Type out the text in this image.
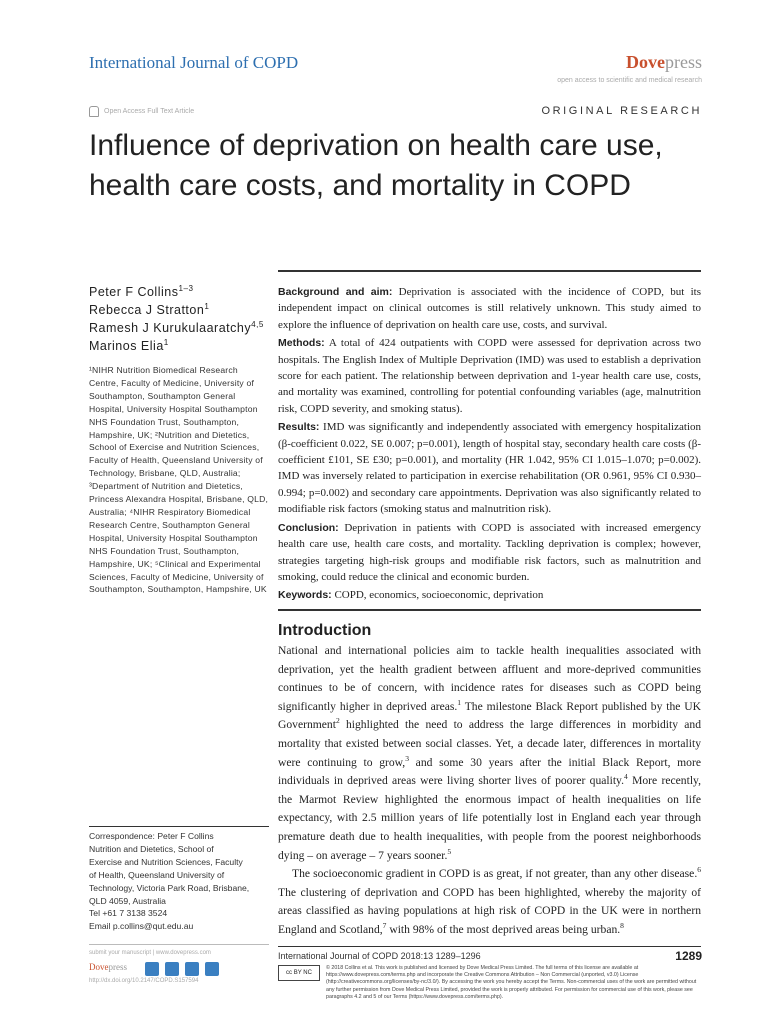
International Journal of COPD	Dovepress
open access to scientific and medical research
Open Access Full Text Article	ORIGINAL RESEARCH
Influence of deprivation on health care use, health care costs, and mortality in COPD
Peter F Collins$^{1-3}$
Rebecca J Stratton$^1$
Ramesh J Kurukulaaratchy$^{4,5}$
Marinos Elia$^1$
¹NIHR Nutrition Biomedical Research Centre, Faculty of Medicine, University of Southampton, Southampton General Hospital, University Hospital Southampton NHS Foundation Trust, Southampton, Hampshire, UK; ²Nutrition and Dietetics, School of Exercise and Nutrition Sciences, Faculty of Health, Queensland University of Technology, Brisbane, QLD, Australia; ³Department of Nutrition and Dietetics, Princess Alexandra Hospital, Brisbane, QLD, Australia; ⁴NIHR Respiratory Biomedical Research Centre, Southampton General Hospital, University Hospital Southampton NHS Foundation Trust, Southampton, Hampshire, UK; ⁵Clinical and Experimental Sciences, Faculty of Medicine, University of Southampton, Southampton, Hampshire, UK
Correspondence: Peter F Collins
Nutrition and Dietetics, School of
Exercise and Nutrition Sciences, Faculty
of Health, Queensland University of
Technology, Victoria Park Road, Brisbane,
QLD 4059, Australia
Tel +61 7 3138 3524
Email p.collins@qut.edu.au

Background and aim: Deprivation is associated with the incidence of COPD, but its independent impact on clinical outcomes is still relatively unknown. This study aimed to explore the influence of deprivation on health care use, costs, and survival.

Methods: A total of 424 outpatients with COPD were assessed for deprivation across two hospitals. The English Index of Multiple Deprivation (IMD) was used to establish a deprivation score for each patient. The relationship between deprivation and 1-year health care use, costs, and mortality was examined, controlling for potential confounding variables (age, malnutrition risk, COPD severity, and smoking status).

Results: IMD was significantly and independently associated with emergency hospitalization (β-coefficient 0.022, SE 0.007; p=0.001), length of hospital stay, secondary health care costs (β-coefficient £101, SE £30; p=0.001), and mortality (HR 1.042, 95% CI 1.015–1.070; p=0.002). IMD was inversely related to participation in exercise rehabilitation (OR 0.961, 95% CI 0.930–0.994; p=0.002) and secondary care appointments. Deprivation was also significantly related to modifiable risk factors (smoking status and malnutrition risk).

Conclusion: Deprivation in patients with COPD is associated with increased emergency health care use, health care costs, and mortality. Tackling deprivation is complex; however, strategies targeting high-risk groups and modifiable risk factors, such as malnutrition and smoking, could reduce the clinical and economic burden.

Keywords: COPD, economics, socioeconomic, deprivation

Introduction

National and international policies aim to tackle health inequalities associated with deprivation, yet the health gradient between affluent and more-deprived communities continues to be of concern, with incidence rates for diseases such as COPD being significantly higher in deprived areas.$^1$ The milestone Black Report published by the UK Government$^2$ highlighted the need to address the large differences in morbidity and mortality that existed between social classes. Yet, a decade later, differences in mortality were continuing to grow,$^3$ and some 30 years after the initial Black Report, more individuals in deprived areas were living shorter lives of poorer quality.$^4$ More recently, the Marmot Review highlighted the enormous impact of health inequalities on life expectancy, with 2.5 million years of life potentially lost in England each year through premature death due to health inequalities, with people from the poorest neighborhoods dying – on average – 7 years sooner.$^5$

The socioeconomic gradient in COPD is as great, if not greater, than any other disease.$^6$ The clustering of deprivation and COPD has been highlighted, whereby the majority of areas classified as having populations at high risk of COPD in the UK were in northern England and Scotland,$^7$ with 98% of the most deprived areas being urban.$^8$

submit your manuscript | www.dovepress.com
Dovepress
http://dx.doi.org/10.2147/COPD.S157594
International Journal of COPD 2018:13 1289–1296	1289
cc BY NC
© 2018 Collins et al. This work is published and licensed by Dove Medical Press Limited. The full terms of this license are available at https://www.dovepress.com/terms.php and incorporate the Creative Commons Attribution – Non Commercial (unported, v3.0) License (http://creativecommons.org/licenses/by-nc/3.0/). By accessing the work you hereby accept the Terms. Non-commercial uses of the work are permitted without any further permission from Dove Medical Press Limited, provided the work is properly attributed. For permission for commercial use of this work, please see paragraphs 4.2 and 5 of our Terms (https://www.dovepress.com/terms.php).
